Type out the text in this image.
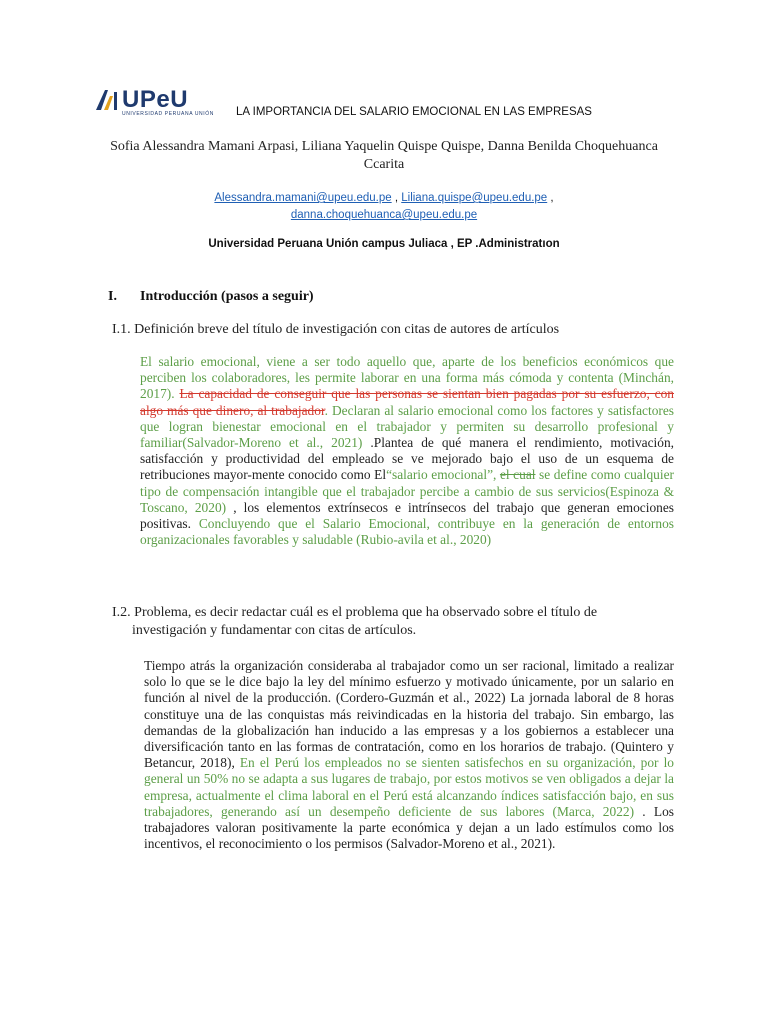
UPeU
UNIVERSIDAD PERUANA UNIÓN	LA IMPORTANCIA DEL SALARIO EMOCIONAL EN LAS EMPRESAS
Sofia Alessandra Mamani Arpasi, Liliana Yaquelin Quispe Quispe, Danna Benilda Choquehuanca Ccarita
Alessandra.mamani@upeu.edu.pe , Liliana.quispe@upeu.edu.pe ,
danna.choquehuanca@upeu.edu.pe
Universidad Peruana Unión campus Juliaca , EP .Administratıon
I. Introducción (pasos a seguir)
I.1. Definición breve del título de investigación con citas de autores de artículos
El salario emocional, viene a ser todo aquello que, aparte de los beneficios económicos que perciben los colaboradores, les permite laborar en una forma más cómoda y contenta (Minchán, 2017). La capacidad de conseguir que las personas se sientan bien pagadas por su esfuerzo, con algo más que dinero, al trabajador. Declaran al salario emocional como los factores y satisfactores que logran bienestar emocional en el trabajador y permiten su desarrollo profesional y familiar(Salvador-Moreno et al., 2021) .Plantea de qué manera el rendimiento, motivación, satisfacción y productividad del empleado se ve mejorado bajo el uso de un esquema de retribuciones mayor-mente conocido como El“salario emocional”, el cual se define como cualquier tipo de compensación intangible que el trabajador percibe a cambio de sus servicios(Espinoza & Toscano, 2020) , los elementos extrínsecos e intrínsecos del trabajo que generan emociones positivas. Concluyendo que el Salario Emocional, contribuye en la generación de entornos organizacionales favorables y saludable (Rubio-avila et al., 2020)
I.2. Problema, es decir redactar cuál es el problema que ha observado sobre el título de
investigación y fundamentar con citas de artículos.
Tiempo atrás la organización consideraba al trabajador como un ser racional, limitado a realizar solo lo que se le dice bajo la ley del mínimo esfuerzo y motivado únicamente, por un salario en función al nivel de la producción. (Cordero-Guzmán et al., 2022) La jornada laboral de 8 horas constituye una de las conquistas más reivindicadas en la historia del trabajo. Sin embargo, las demandas de la globalización han inducido a las empresas y a los gobiernos a establecer una diversificación tanto en las formas de contratación, como en los horarios de trabajo. (Quintero y Betancur, 2018), En el Perú los empleados no se sienten satisfechos en su organización, por lo general un 50% no se adapta a sus lugares de trabajo, por estos motivos se ven obligados a dejar la empresa, actualmente el clima laboral en el Perú está alcanzando índices satisfacción bajo, en sus trabajadores, generando así un desempeño deficiente de sus labores (Marca, 2022) . Los trabajadores valoran positivamente la parte económica y dejan a un lado estímulos como los incentivos, el reconocimiento o los permisos (Salvador-Moreno et al., 2021).
